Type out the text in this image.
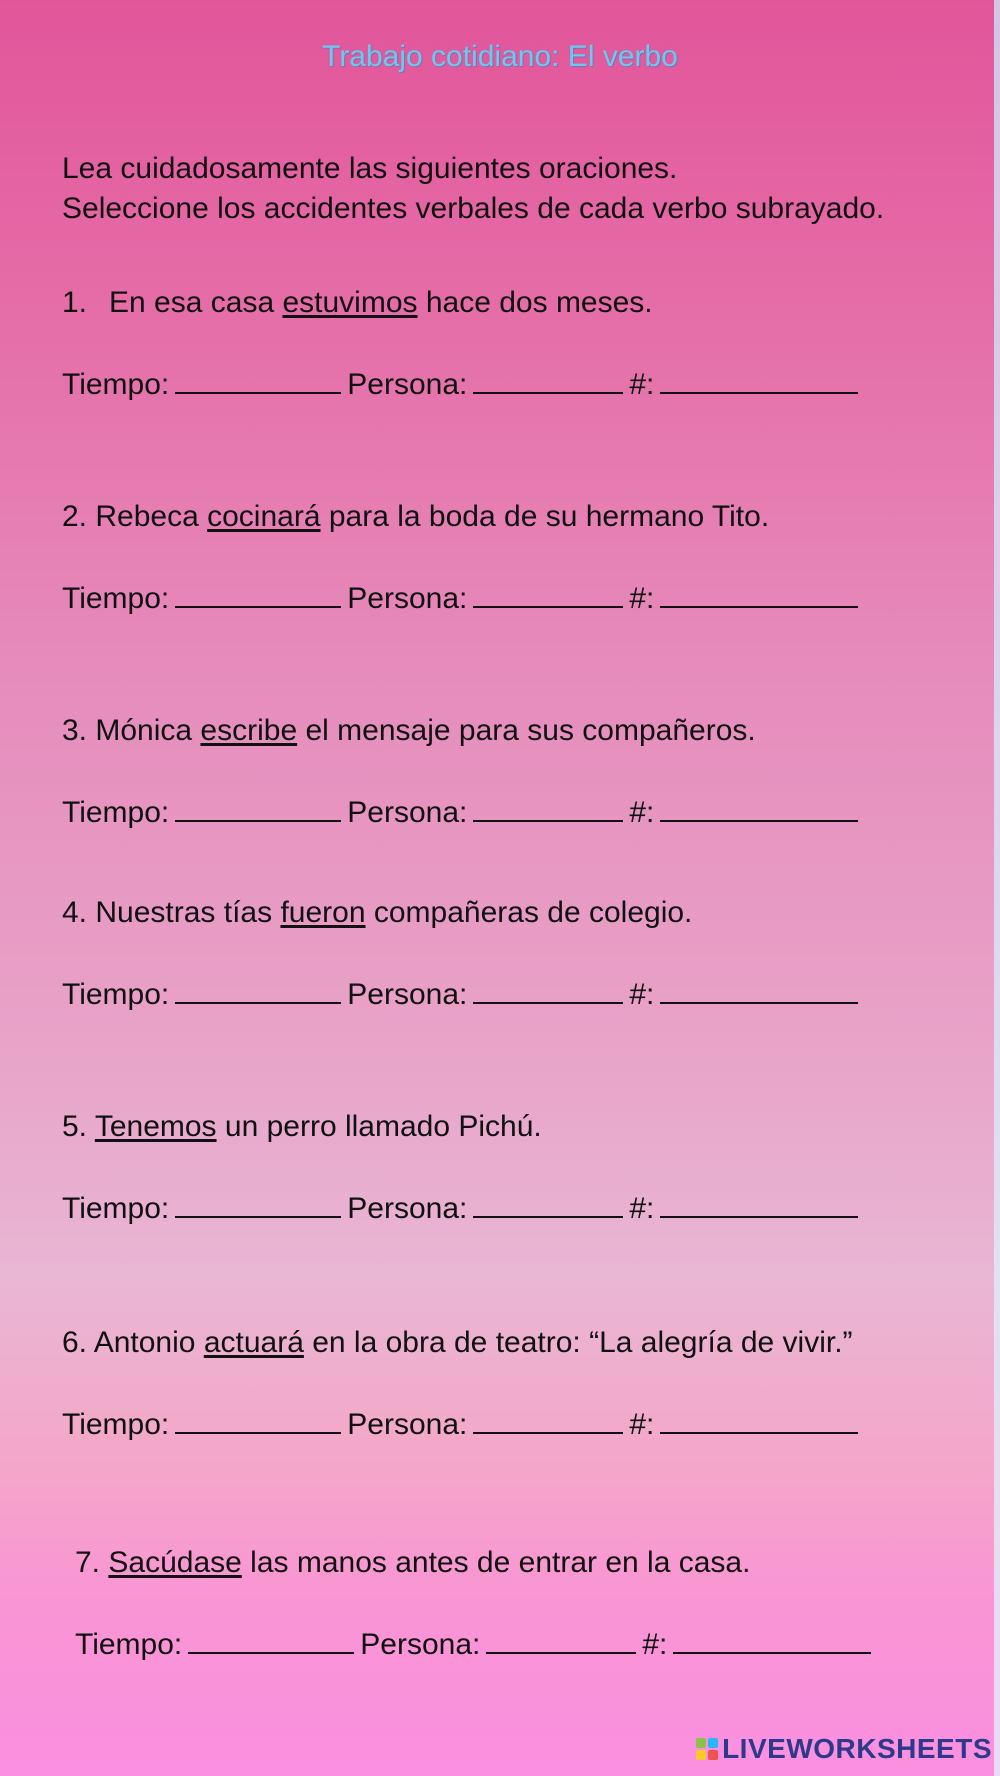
Trabajo cotidiano: El verbo
Lea cuidadosamente las siguientes oraciones.
Seleccione los accidentes verbales de cada verbo subrayado.
1. En esa casa estuvimos hace dos meses.
Tiempo:	Persona:	#:
2. Rebeca cocinará para la boda de su hermano Tito.
Tiempo:	Persona:	#:
3. Mónica escribe el mensaje para sus compañeros.
Tiempo:	Persona:	#:
4. Nuestras tías fueron compañeras de colegio.
Tiempo:	Persona:	#:
5. Tenemos un perro llamado Pichú.
Tiempo:	Persona:	#:
6. Antonio actuará en la obra de teatro: “La alegría de vivir.”
Tiempo:	Persona:	#:
7. Sacúdase las manos antes de entrar en la casa.
Tiempo:	Persona:	#:
LIVEWORKSHEETS
